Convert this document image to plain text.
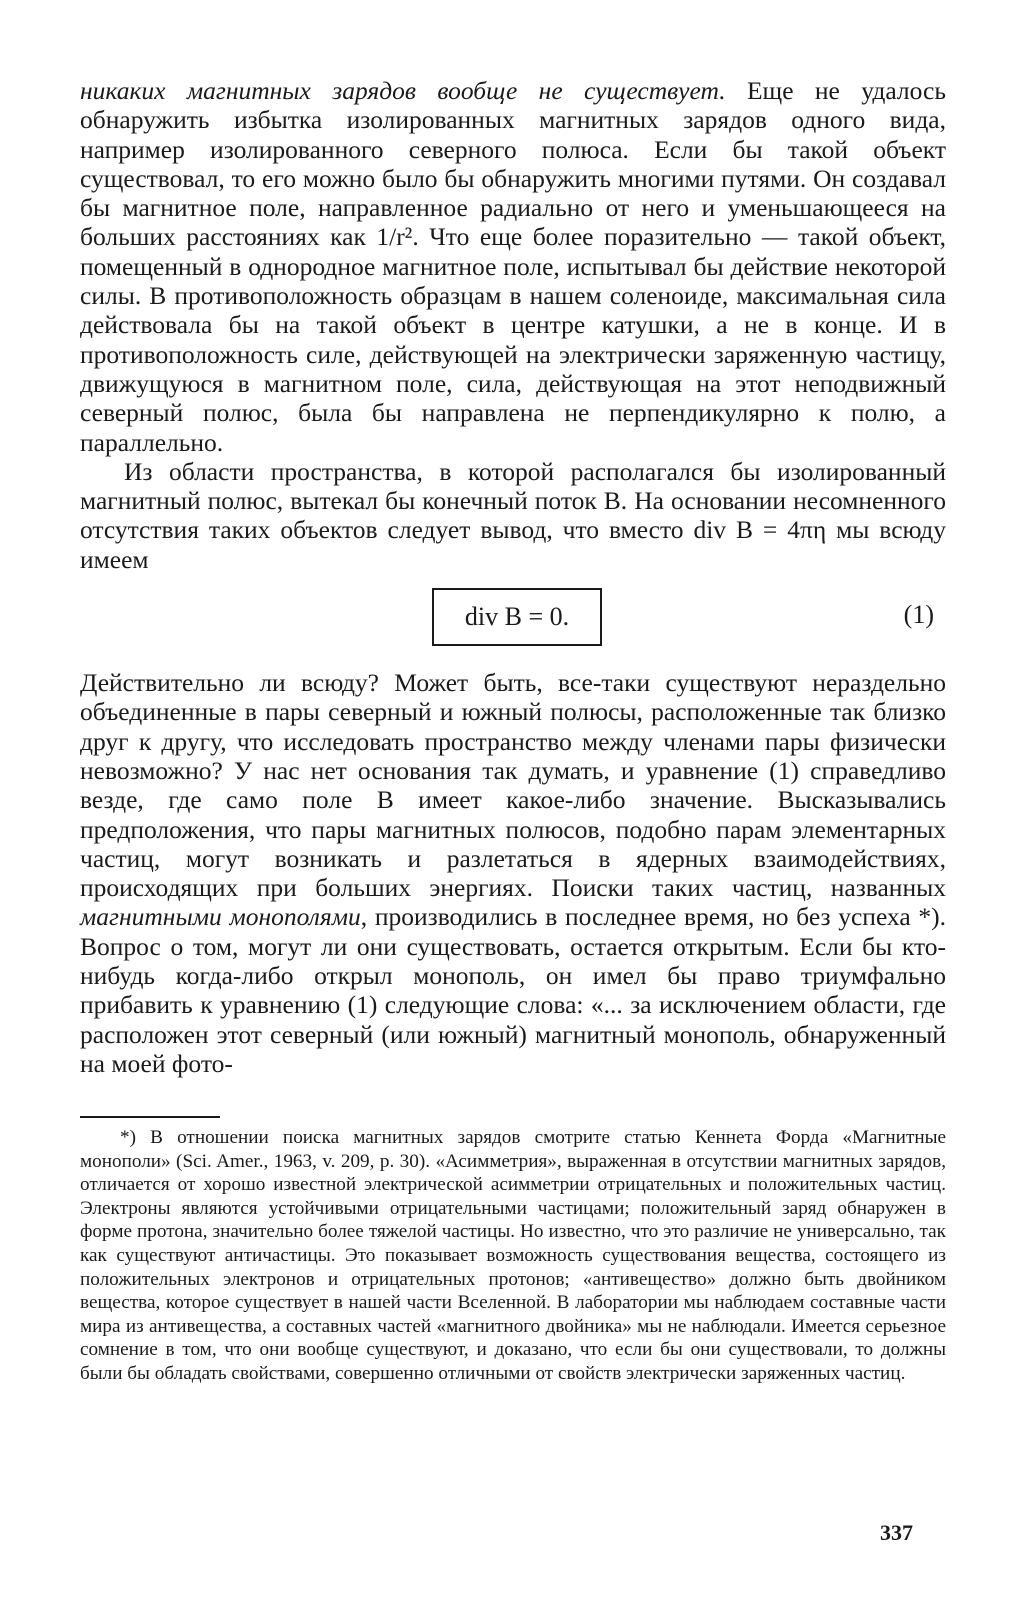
никаких магнитных зарядов вообще не существует. Еще не удалось обнаружить избытка изолированных магнитных зарядов одного вида, например изолированного северного полюса. Если бы такой объект существовал, то его можно было бы обнаружить многими путями. Он создавал бы магнитное поле, направленное радиально от него и уменьшающееся на больших расстояниях как 1/r². Что еще более поразительно — такой объект, помещенный в однородное магнитное поле, испытывал бы действие некоторой силы. В противоположность образцам в нашем соленоиде, максимальная сила действовала бы на такой объект в центре катушки, а не в конце. И в противоположность силе, действующей на электрически заряженную частицу, движущуюся в магнитном поле, сила, действующая на этот неподвижный северный полюс, была бы направлена не перпендикулярно к полю, а параллельно.

Из области пространства, в которой располагался бы изолированный магнитный полюс, вытекал бы конечный поток B. На основании несомненного отсутствия таких объектов следует вывод, что вместо div B = 4πη мы всюду имеем

div B = 0.	(1)

Действительно ли всюду? Может быть, все-таки существуют нераздельно объединенные в пары северный и южный полюсы, расположенные так близко друг к другу, что исследовать пространство между членами пары физически невозможно? У нас нет основания так думать, и уравнение (1) справедливо везде, где само поле B имеет какое-либо значение. Высказывались предположения, что пары магнитных полюсов, подобно парам элементарных частиц, могут возникать и разлетаться в ядерных взаимодействиях, происходящих при больших энергиях. Поиски таких частиц, названных магнитными монополями, производились в последнее время, но без успеха *). Вопрос о том, могут ли они существовать, остается открытым. Если бы кто-нибудь когда-либо открыл монополь, он имел бы право триумфально прибавить к уравнению (1) следующие слова: «... за исключением области, где расположен этот северный (или южный) магнитный монополь, обнаруженный на моей фото-

*) В отношении поиска магнитных зарядов смотрите статью Кеннета Форда «Магнитные монополи» (Sci. Amer., 1963, v. 209, p. 30). «Асимметрия», выраженная в отсутствии магнитных зарядов, отличается от хорошо известной электрической асимметрии отрицательных и положительных частиц. Электроны являются устойчивыми отрицательными частицами; положительный заряд обнаружен в форме протона, значительно более тяжелой частицы. Но известно, что это различие не универсально, так как существуют античастицы. Это показывает возможность существования вещества, состоящего из положительных электронов и отрицательных протонов; «антивещество» должно быть двойником вещества, которое существует в нашей части Вселенной. В лаборатории мы наблюдаем составные части мира из антивещества, а составных частей «магнитного двойника» мы не наблюдали. Имеется серьезное сомнение в том, что они вообще существуют, и доказано, что если бы они существовали, то должны были бы обладать свойствами, совершенно отличными от свойств электрически заряженных частиц.
337
